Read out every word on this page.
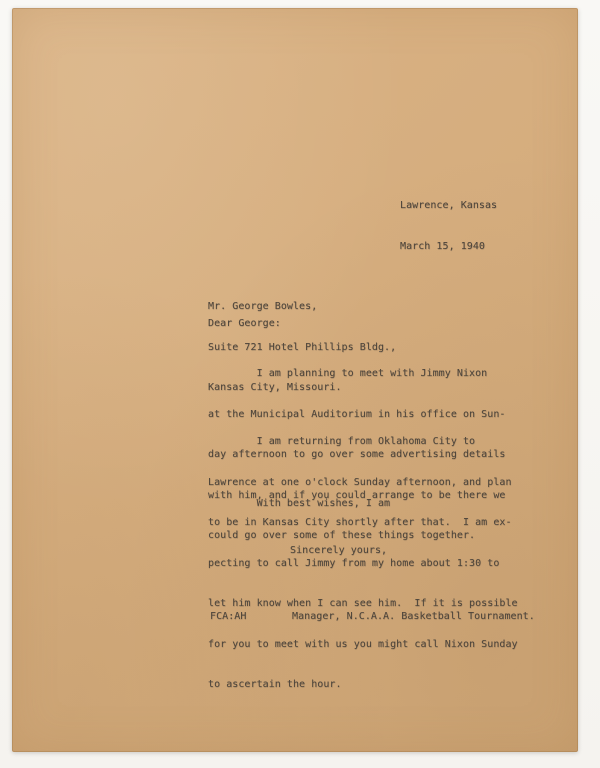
Lawrence, Kansas

March 15, 1940

Mr. George Bowles,

Suite 721 Hotel Phillips Bldg.,

Kansas City, Missouri.

Dear George:

I am planning to meet with Jimmy Nixon

at the Municipal Auditorium in his office on Sun-

day afternoon to go over some advertising details

with him, and if you could arrange to be there we

could go over some of these things together.

I am returning from Oklahoma City to

Lawrence at one o'clock Sunday afternoon, and plan

to be in Kansas City shortly after that.  I am ex-

pecting to call Jimmy from my home about 1:30 to

let him know when I can see him.  If it is possible

for you to meet with us you might call Nixon Sunday

to ascertain the hour.

With best wishes, I am
Sincerely yours,

FCA:AH

	Manager, N.C.A.A. Basketball Tournament.
